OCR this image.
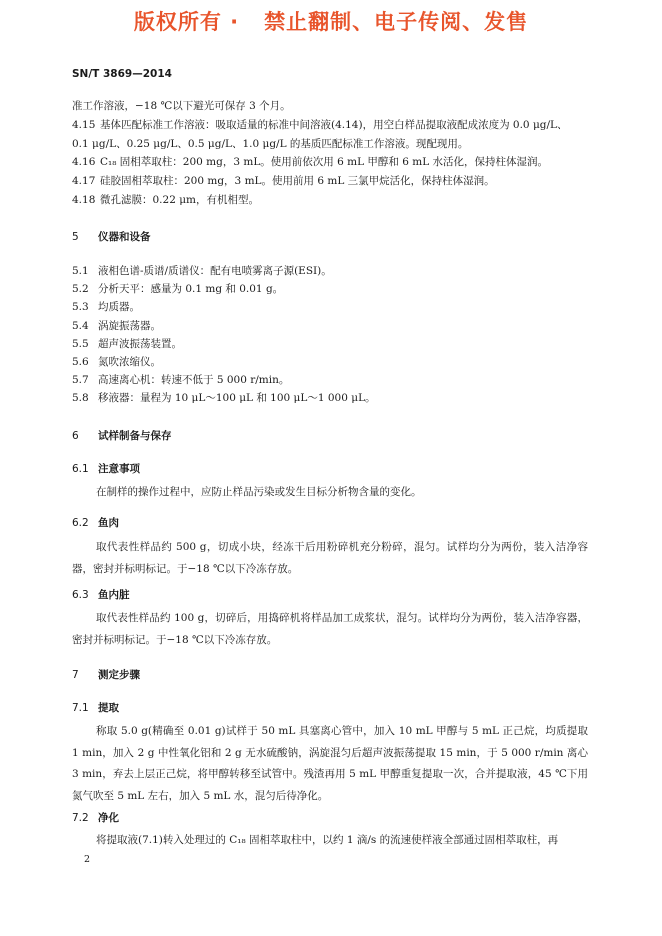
版权所有 ·   禁止翻制、电子传阅、发售
SN/T 3869—2014
准工作溶液，−18 ℃以下避光可保存 3 个月。
4.15 基体匹配标准工作溶液：吸取适量的标准中间溶液(4.14)，用空白样品提取液配成浓度为 0.0 μg/L、
0.1 μg/L、0.25 μg/L、0.5 μg/L、1.0 μg/L 的基质匹配标准工作溶液。现配现用。
4.16 C₁₈ 固相萃取柱：200 mg，3 mL。使用前依次用 6 mL 甲醇和 6 mL 水活化，保持柱体湿润。
4.17 硅胶固相萃取柱：200 mg，3 mL。使用前用 6 mL 三氯甲烷活化，保持柱体湿润。
4.18 微孔滤膜：0.22 μm，有机相型。
5 仪器和设备
5.1 液相色谱-质谱/质谱仪：配有电喷雾离子源(ESI)。
5.2 分析天平：感量为 0.1 mg 和 0.01 g。
5.3 均质器。
5.4 涡旋振荡器。
5.5 超声波振荡装置。
5.6 氮吹浓缩仪。
5.7 高速离心机：转速不低于 5 000 r/min。
5.8 移液器：量程为 10 μL～100 μL 和 100 μL～1 000 μL。
6 试样制备与保存
6.1 注意事项

在制样的操作过程中，应防止样品污染或发生目标分析物含量的变化。

6.2 鱼肉

取代表性样品约 500 g，切成小块，经冻干后用粉碎机充分粉碎，混匀。试样均分为两份，装入洁净容器，密封并标明标记。于−18 ℃以下冷冻存放。

6.3 鱼内脏

取代表性样品约 100 g，切碎后，用捣碎机将样品加工成浆状，混匀。试样均分为两份，装入洁净容器，密封并标明标记。于−18 ℃以下冷冻存放。

7 测定步骤
7.1 提取

称取 5.0 g(精确至 0.01 g)试样于 50 mL 具塞离心管中，加入 10 mL 甲醇与 5 mL 正己烷，均质提取 1 min，加入 2 g 中性氧化铝和 2 g 无水硫酸钠，涡旋混匀后超声波振荡提取 15 min，于 5 000 r/min 离心 3 min，弃去上层正己烷，将甲醇转移至试管中。残渣再用 5 mL 甲醇重复提取一次，合并提取液，45 ℃下用氮气吹至 5 mL 左右，加入 5 mL 水，混匀后待净化。

7.2 净化

将提取液(7.1)转入处理过的 C₁₈ 固相萃取柱中，以约 1 滴/s 的流速使样液全部通过固相萃取柱，再

2
